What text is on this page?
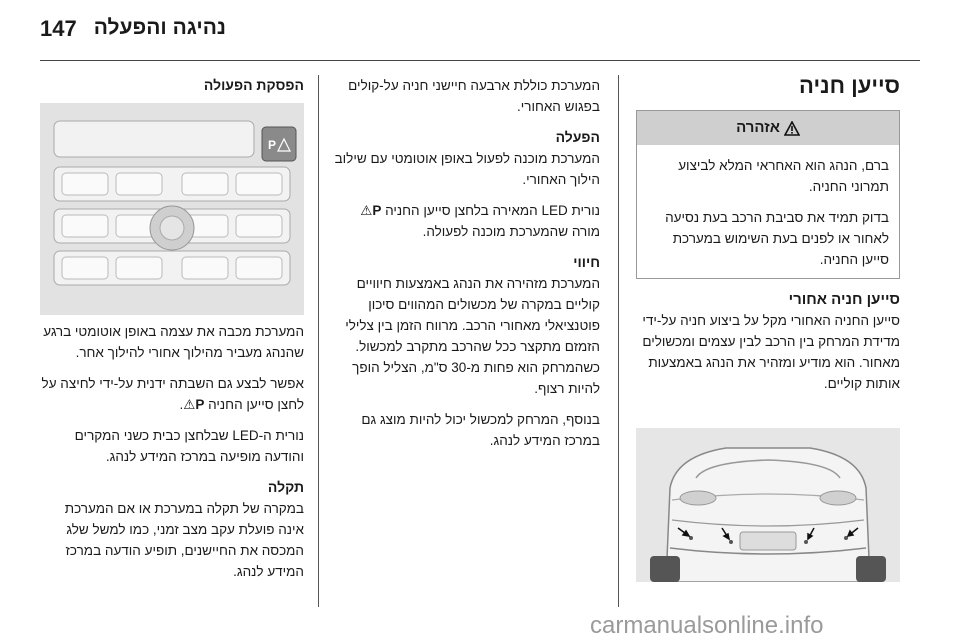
147 נהיגה והפעלה
סייען חניה
אזהרה

ברם, הנהג הוא האחראי המלא לביצוע תמרוני החניה.

בדוק תמיד את סביבת הרכב בעת נסיעה לאחור או לפנים בעת השימוש במערכת סייען החניה.

סייען חניה אחורי

סייען החניה האחורי מקל על ביצוע חניה על-ידי מדידת המרחק בין הרכב לבין עצמים ומכשולים מאחור. הוא מודיע ומזהיר את הנהג באמצעות אותות קוליים.

המערכת כוללת ארבעה חיישני חניה על-קולים בפגוש האחורי.

הפעלה

המערכת מוכנה לפעול באופן אוטומטי עם שילוב הילוך האחורי.

נורית LED המאירה בלחצן סייען החניה P⚠ מורה שהמערכת מוכנה לפעולה.

חיווי

המערכת מזהירה את הנהג באמצעות חיוויים קוליים במקרה של מכשולים המהווים סיכון פוטנציאלי מאחורי הרכב. מרווח הזמן בין צלילי הזמזם מתקצר ככל שהרכב מתקרב למכשול. כשהמרחק הוא פחות מ-30 ס"מ, הצליל הופך להיות רצוף.

בנוסף, המרחק למכשול יכול להיות מוצג גם במרכז המידע לנהג.

הפסקת הפעולה
P

המערכת מכבה את עצמה באופן אוטומטי ברגע שהנהג מעביר מהילוך אחורי להילוך אחר.

אפשר לבצע גם השבתה ידנית על-ידי לחיצה על לחצן סייען החניה P⚠.

נורית ה-LED שבלחצן כבית כשני המקרים והודעה מופיעה במרכז המידע לנהג.

תקלה

במקרה של תקלה במערכת או אם המערכת אינה פועלת עקב מצב זמני, כמו למשל שלג המכסה את החיישנים, תופיע הודעה במרכז המידע לנהג.

carmanualsonline.info
